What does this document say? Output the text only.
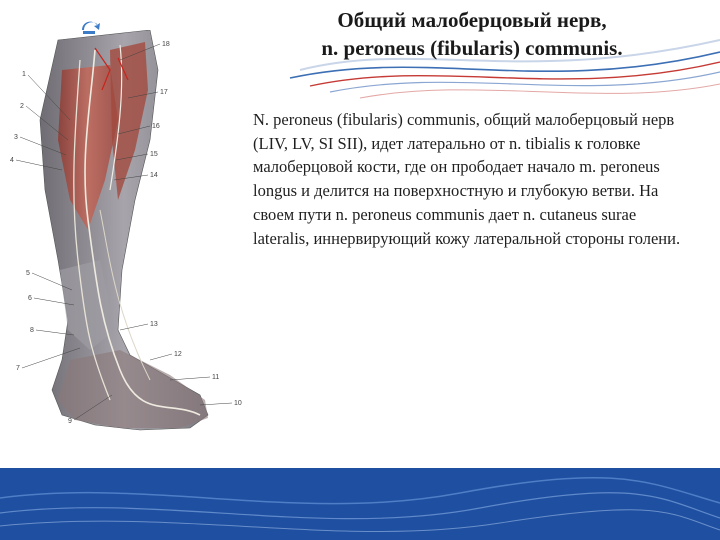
Общий малоберцовый нерв,
n. peroneus (fibularis) communis.
N. peroneus (fibularis) communis, общий малоберцовый нерв (LIV, LV, SI SII), идет латерально от n. tibialis к головке малоберцовой кости, где он прободает начало m. peroneus longus и делится на поверхностную и глубокую ветви. На своем пути n. peroneus communis дает n. cutaneus surae lateralis, иннервирующий кожу латеральной стороны голени.
1
2
3
4
5
6
8
7
9
18
17
16
15
14
13
12
11
10
